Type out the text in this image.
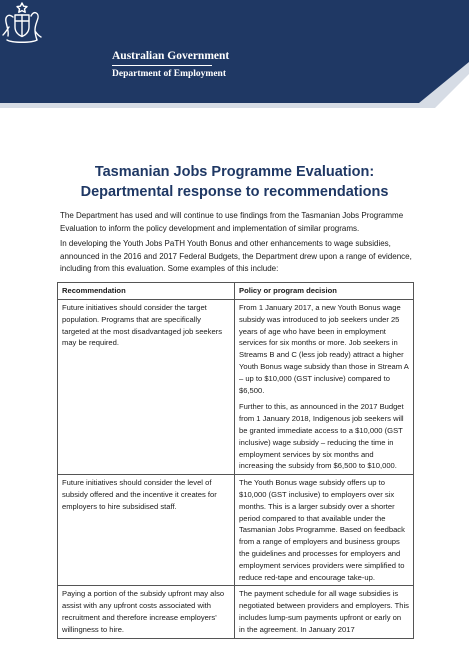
Australian Government
Department of Employment
Tasmanian Jobs Programme Evaluation:
Departmental response to recommendations

The Department has used and will continue to use findings from the Tasmanian Jobs Programme Evaluation to inform the policy development and implementation of similar programs.

In developing the Youth Jobs PaTH Youth Bonus and other enhancements to wage subsidies, announced in the 2016 and 2017 Federal Budgets, the Department drew upon a range of evidence, including from this evaluation. Some examples of this include:

Recommendation	Policy or program decision
Future initiatives should consider the target population. Programs that are specifically targeted at the most disadvantaged job seekers may be required.	From 1 January 2017, a new Youth Bonus wage subsidy was introduced to job seekers under 25 years of age who have been in employment services for six months or more. Job seekers in Streams B and C (less job ready) attract a higher Youth Bonus wage subsidy than those in Stream A – up to $10,000 (GST inclusive) compared to $6,500.

Further to this, as announced in the 2017 Budget from 1 January 2018, Indigenous job seekers will be granted immediate access to a $10,000 (GST inclusive) wage subsidy – reducing the time in employment services by six months and increasing the subsidy from $6,500 to $10,000.

Future initiatives should consider the level of subsidy offered and the incentive it creates for employers to hire subsidised staff.	The Youth Bonus wage subsidy offers up to $10,000 (GST inclusive) to employers over six months. This is a larger subsidy over a shorter period compared to that available under the Tasmanian Jobs Programme. Based on feedback from a range of employers and business groups the guidelines and processes for employers and employment services providers were simplified to reduce red-tape and encourage take-up.

Paying a portion of the subsidy upfront may also assist with any upfront costs associated with recruitment and therefore increase employers' willingness to hire.	The payment schedule for all wage subsidies is negotiated between providers and employers. This includes lump-sum payments upfront or early on in the agreement. In January 2017
